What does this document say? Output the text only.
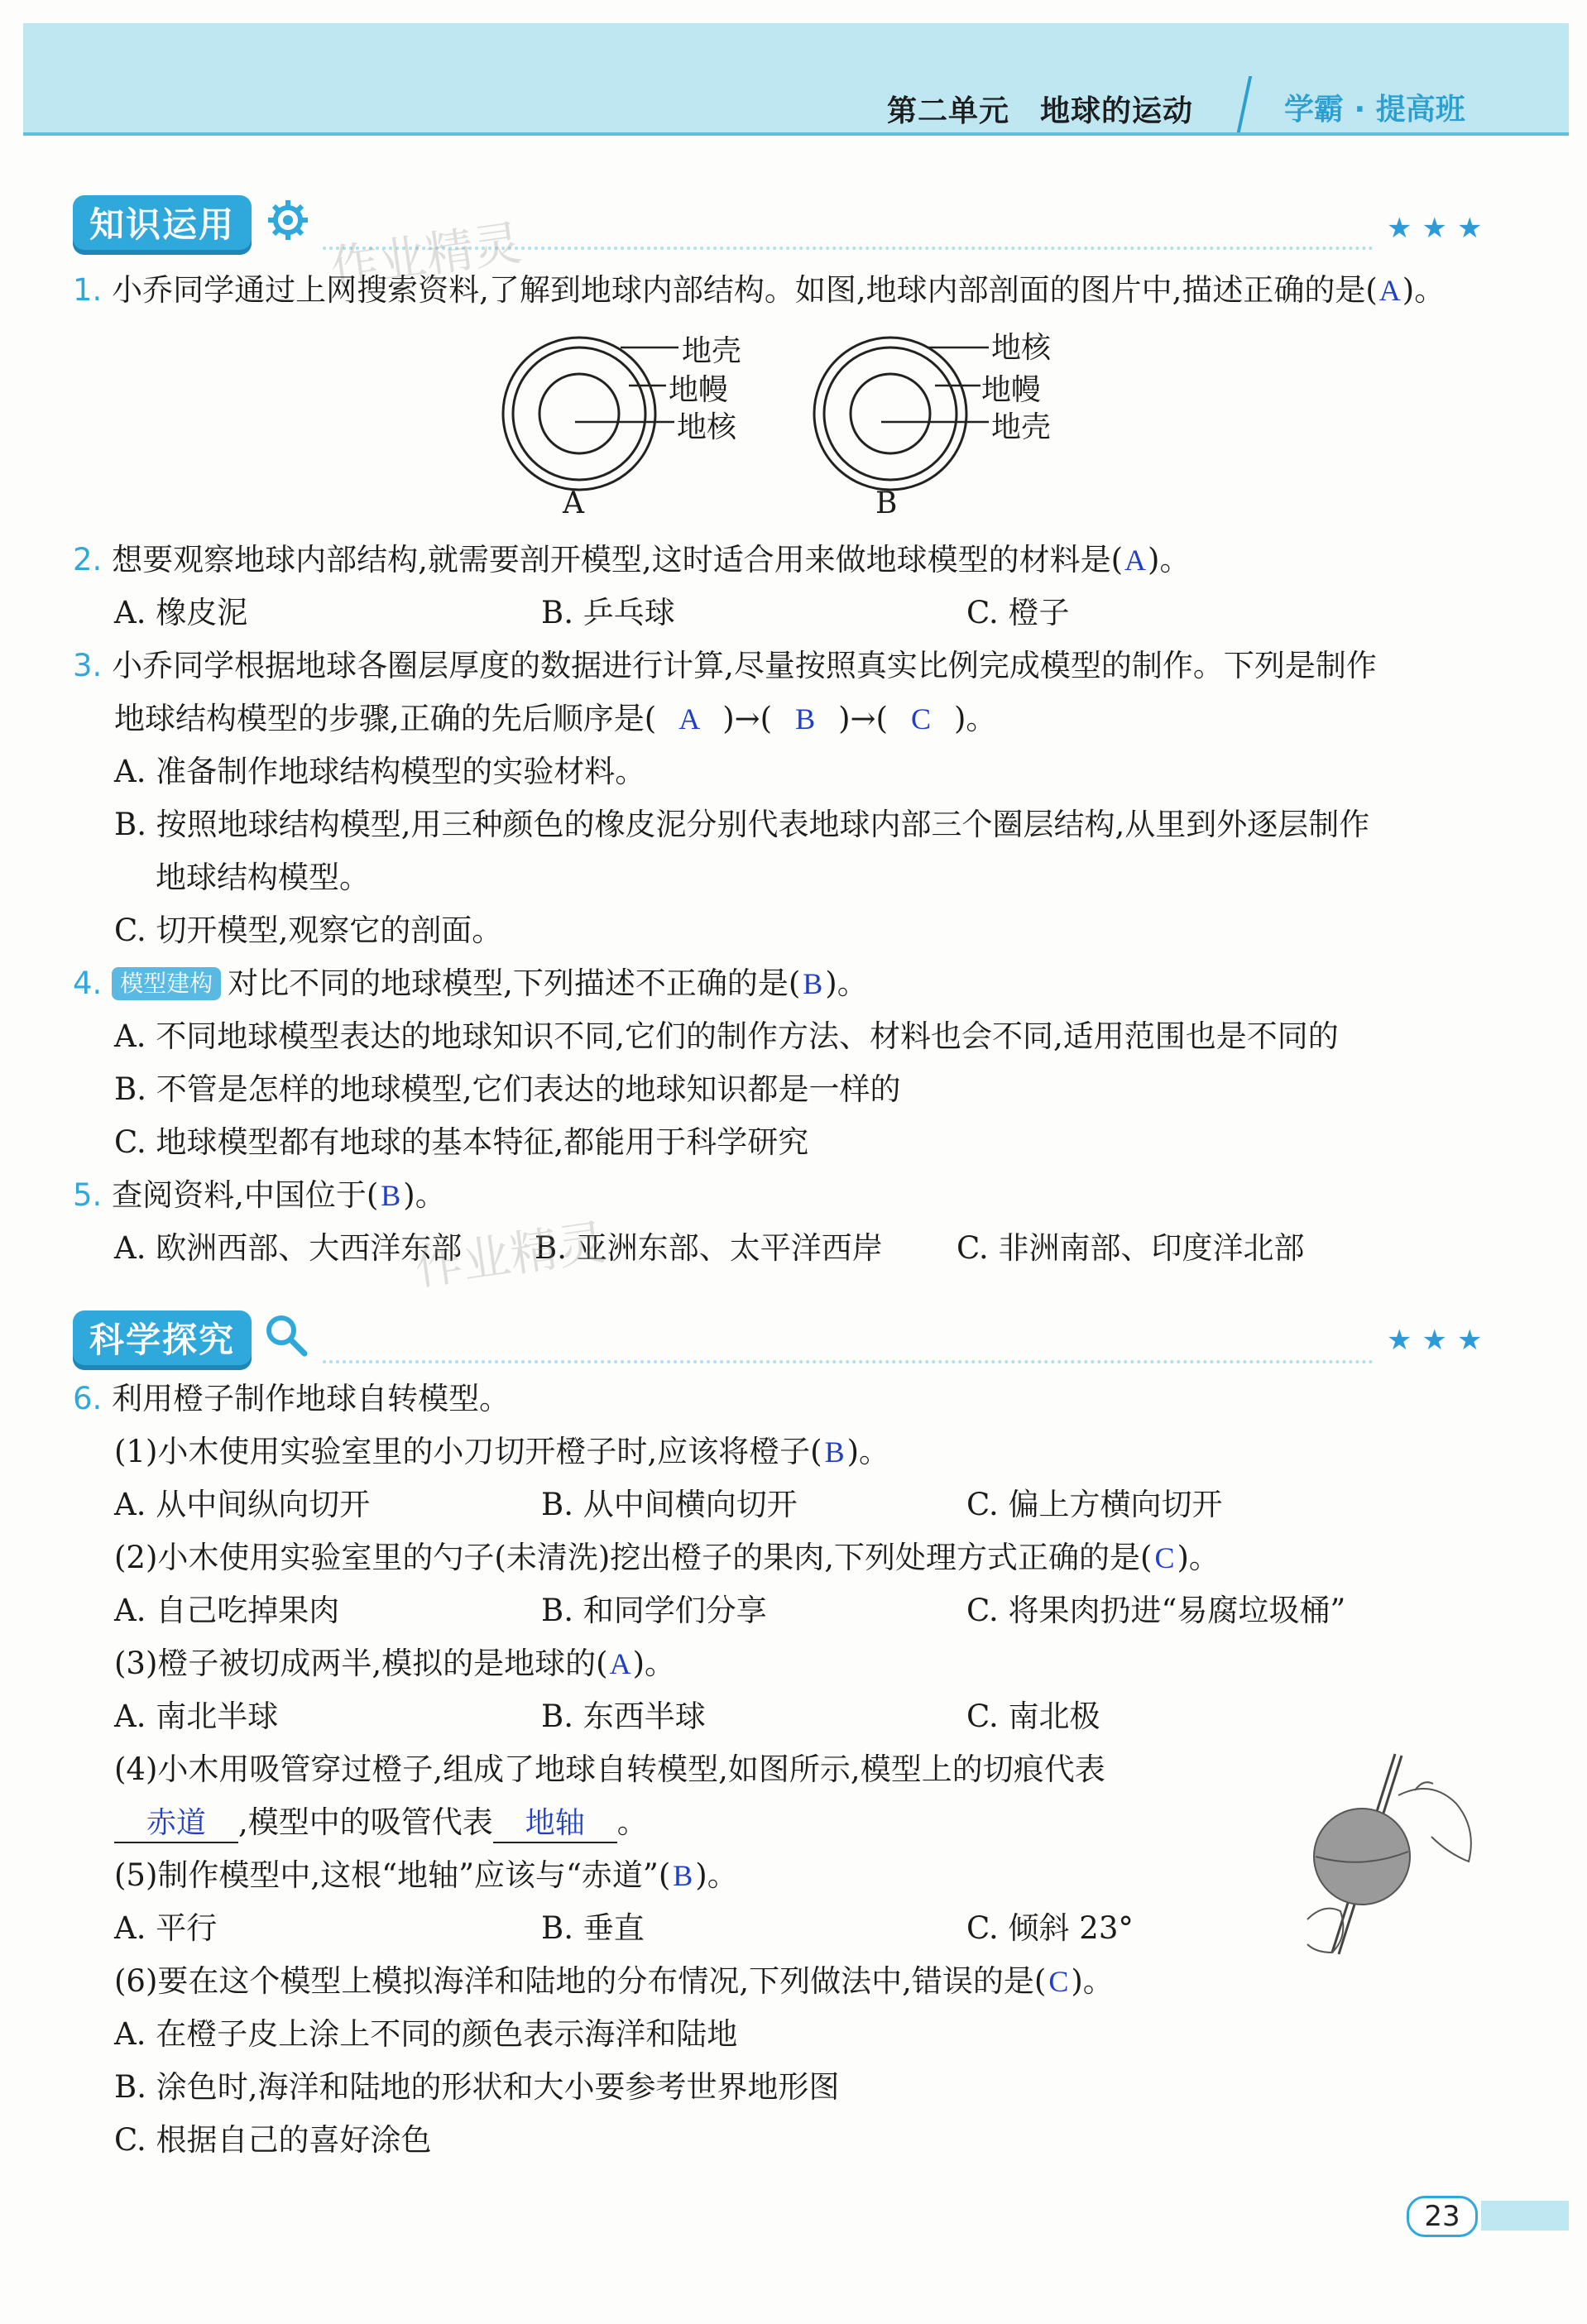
第二单元　地球的运动	学霸 · 提高班
知识运用	★★★
作业精灵
1. 小乔同学通过上网搜索资料,了解到地球内部结构。如图,地球内部剖面的图片中,描述正确的是(A)。
地壳
地幔
地核
A
地核
地幔
地壳
B
2. 想要观察地球内部结构,就需要剖开模型,这时适合用来做地球模型的材料是(A)。
A. 橡皮泥	B. 乒乓球	C. 橙子
3. 小乔同学根据地球各圈层厚度的数据进行计算,尽量按照真实比例完成模型的制作。下列是制作
地球结构模型的步骤,正确的先后顺序是( A )→( B )→( C )。
A. 准备制作地球结构模型的实验材料。
B. 按照地球结构模型,用三种颜色的橡皮泥分别代表地球内部三个圈层结构,从里到外逐层制作
地球结构模型。
C. 切开模型,观察它的剖面。
4. 模型建构 对比不同的地球模型,下列描述不正确的是(B)。
A. 不同地球模型表达的地球知识不同,它们的制作方法、材料也会不同,适用范围也是不同的
B. 不管是怎样的地球模型,它们表达的地球知识都是一样的
C. 地球模型都有地球的基本特征,都能用于科学研究
5. 查阅资料,中国位于(B)。
A. 欧洲西部、大西洋东部 B. 亚洲东部、太平洋西岸 C. 非洲南部、印度洋北部
作业精灵
科学探究	★★★
6. 利用橙子制作地球自转模型。
(1)小木使用实验室里的小刀切开橙子时,应该将橙子(B)。
A. 从中间纵向切开	B. 从中间横向切开	C. 偏上方横向切开
(2)小木使用实验室里的勺子(未清洗)挖出橙子的果肉,下列处理方式正确的是(C)。
A. 自己吃掉果肉	B. 和同学们分享	C. 将果肉扔进“易腐垃圾桶”
(3)橙子被切成两半,模拟的是地球的(A)。
A. 南北半球	B. 东西半球	C. 南北极
(4)小木用吸管穿过橙子,组成了地球自转模型,如图所示,模型上的切痕代表
赤道 ,模型中的吸管代表 地轴 。
(5)制作模型中,这根“地轴”应该与“赤道”(B)。
A. 平行	B. 垂直	C. 倾斜 23°
(6)要在这个模型上模拟海洋和陆地的分布情况,下列做法中,错误的是(C)。
A. 在橙子皮上涂上不同的颜色表示海洋和陆地
B. 涂色时,海洋和陆地的形状和大小要参考世界地形图
C. 根据自己的喜好涂色
23
